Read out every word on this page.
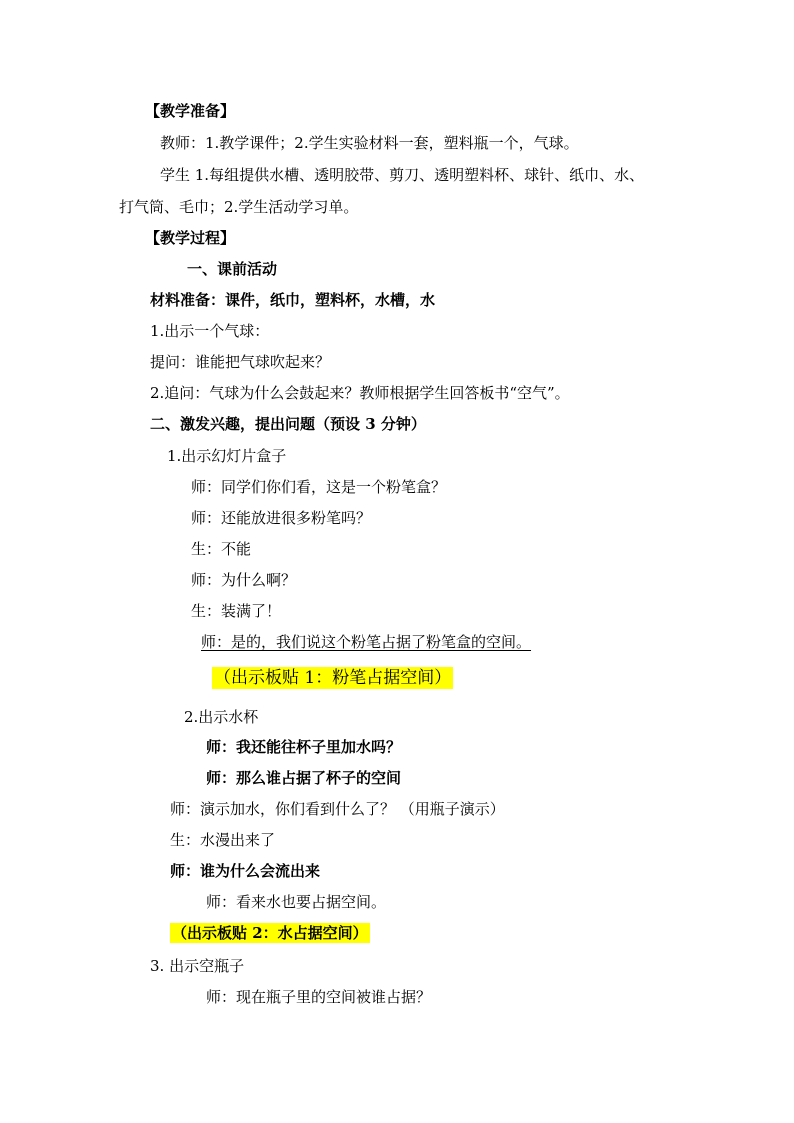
【教学准备】
教师：1.教学课件；2.学生实验材料一套，塑料瓶一个，气球。
学生 1.每组提供水槽、透明胶带、剪刀、透明塑料杯、球针、纸巾、水、
打气筒、毛巾；2.学生活动学习单。
【教学过程】
一、课前活动
材料准备：课件，纸巾，塑料杯，水槽，水
1.出示一个气球：
提问：谁能把气球吹起来？
2.追问：气球为什么会鼓起来？教师根据学生回答板书“空气”。
二、激发兴趣，提出问题（预设 3 分钟）
1.出示幻灯片盒子
师：同学们你们看，这是一个粉笔盒？
师：还能放进很多粉笔吗？
生：不能
师：为什么啊？
生：装满了！
师：是的，我们说这个粉笔占据了粉笔盒的空间。
（出示板贴 1：粉笔占据空间）
2.出示水杯
师：我还能往杯子里加水吗？
师：那么谁占据了杯子的空间
师：演示加水，你们看到什么了？ （用瓶子演示）
生：水漫出来了
师：谁为什么会流出来
师：看来水也要占据空间。
（出示板贴 2：水占据空间）
3. 出示空瓶子
师：现在瓶子里的空间被谁占据？
